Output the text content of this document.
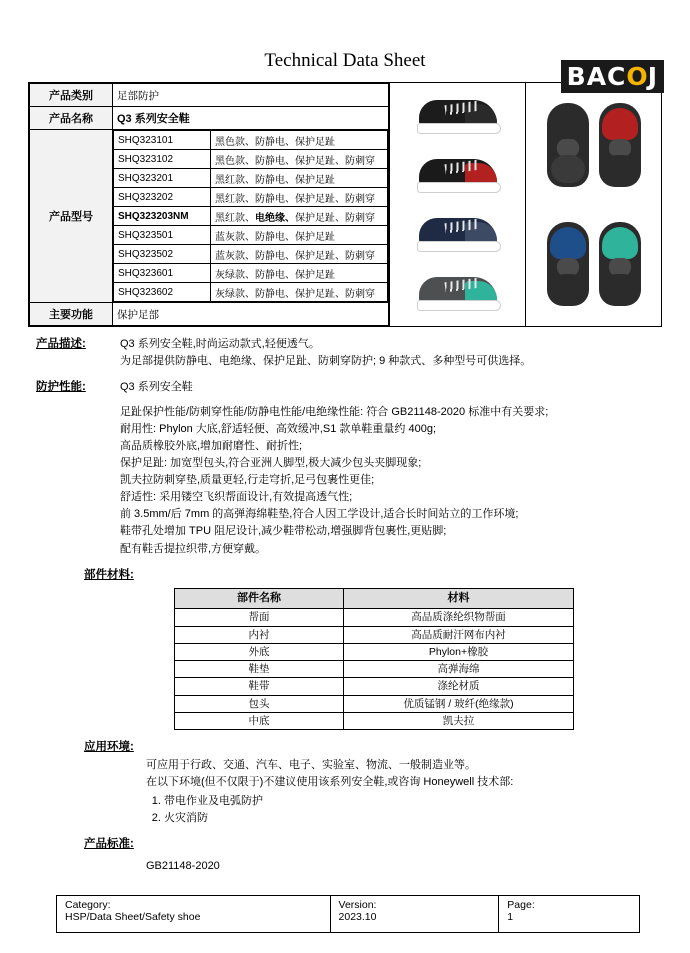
BAC O J
Technical Data Sheet
产品类别	足部防护
产品名称	Q3 系列安全鞋
产品型号	
SHQ323101	黑色款、防静电、保护足趾
SHQ323102	黑色款、防静电、保护足趾、防刺穿
SHQ323201	黑红款、防静电、保护足趾
SHQ323202	黑红款、防静电、保护足趾、防刺穿
SHQ323203NM	黑红款、电绝缘、保护足趾、防刺穿
SHQ323501	蓝灰款、防静电、保护足趾
SHQ323502	蓝灰款、防静电、保护足趾、防刺穿
SHQ323601	灰绿款、防静电、保护足趾
SHQ323602	灰绿款、防静电、保护足趾、防刺穿

主要功能	保护足部
产品描述:	Q3 系列安全鞋,时尚运动款式,轻便透气。
为足部提供防静电、电绝缘、保护足趾、防刺穿防护; 9 种款式、多种型号可供选择。
防护性能:	Q3 系列安全鞋
足趾保护性能/防刺穿性能/防静电性能/电绝缘性能: 符合 GB21148-2020 标准中有关要求;
耐用性: Phylon 大底,舒适轻便、高效缓冲,S1 款单鞋重量约 400g;
高品质橡胶外底,增加耐磨性、耐折性;
保护足趾: 加宽型包头,符合亚洲人脚型,极大减少包头夹脚现象;
凯夫拉防刺穿垫,质量更轻,行走穹折,足弓包裹性更佳;
舒适性: 采用镂空飞织帮面设计,有效提高透气性;
前 3.5mm/后 7mm 的高弹海绵鞋垫,符合人因工学设计,适合长时间站立的工作环境;
鞋带孔处增加 TPU 阻尼设计,减少鞋带松动,增强脚背包裹性,更贴脚;
配有鞋舌提拉织带,方便穿戴。
部件材料:
部件名称	材料
帮面	高品质涤纶织物帮面
内衬	高品质耐汗网布内衬
外底	Phylon+橡胶
鞋垫	高弹海绵
鞋带	涤纶材质
包头	优质锰钢 / 玻纤(绝缘款)
中底	凯夫拉
应用环境:
可应用于行政、交通、汽车、电子、实验室、物流、一般制造业等。
在以下环境(但不仅限于)不建议使用该系列安全鞋,或咨询 Honeywell 技术部:
1. 带电作业及电弧防护
2. 火灾消防
产品标准:
GB21148-2020
Category:
HSP/Data Sheet/Safety shoe
Version:
2023.10
Page:
1
